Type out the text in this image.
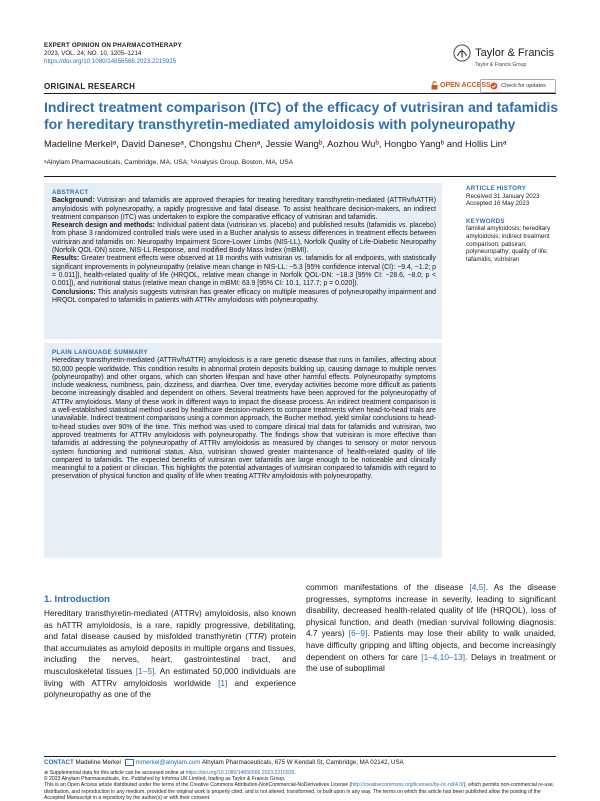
EXPERT OPINION ON PHARMACOTHERAPY
2023, VOL. 24, NO. 10, 1205–1214
https://doi.org/10.1080/14656566.2023.2215925
Taylor & Francis
Taylor & Francis Group
ORIGINAL RESEARCH	OPEN ACCESS Check for updates
Indirect treatment comparison (ITC) of the efficacy of vutrisiran and tafamidis for hereditary transthyretin-mediated amyloidosis with polyneuropathy
Madeline Merkelᵃ, David Daneseᵃ, Chongshu Chenᵃ, Jessie Wangᵇ, Aozhou Wuᵇ, Hongbo Yangᵇ and Hollis Linᵃ
ᵃAlnylam Pharmaceuticals, Cambridge, MA, USA; ᵇAnalysis Group, Boston, MA, USA
ABSTRACT
Background: Vutrisiran and tafamidis are approved therapies for treating hereditary transthyretin-mediated (ATTRv/hATTR) amyloidosis with polyneuropathy, a rapidly progressive and fatal disease. To assist healthcare decision-makers, an indirect treatment comparison (ITC) was undertaken to explore the comparative efficacy of vutrisiran and tafamidis.
Research design and methods: Individual patient data (vutrisiran vs. placebo) and published results (tafamidis vs. placebo) from phase 3 randomized controlled trials were used in a Bucher analysis to assess differences in treatment effects between vutrisiran and tafamidis on: Neuropathy Impairment Score-Lower Limbs (NIS-LL), Norfolk Quality of Life-Diabetic Neuropathy (Norfolk QOL-DN) score, NIS-LL Response, and modified Body Mass Index (mBMI).
Results: Greater treatment effects were observed at 18 months with vutrisiran vs. tafamidis for all endpoints, with statistically significant improvements in polyneuropathy (relative mean change in NIS-LL: −5.3 [95% confidence interval (CI): −9.4, −1.2; p = 0.011]), health-related quality of life (HRQOL, relative mean change in Norfolk QOL-DN: −18.3 [95% CI: −28.6, −8.0; p < 0.001]), and nutritional status (relative mean change in mBMI: 63.9 [95% CI: 10.1, 117.7; p = 0.020]).
Conclusions: This analysis suggests vutrisiran has greater efficacy on multiple measures of polyneuropathy impairment and HRQOL compared to tafamidis in patients with ATTRv amyloidosis with polyneuropathy.
PLAIN LANGUAGE SUMMARY
Hereditary transthyretin-mediated (ATTRv/hATTR) amyloidosis is a rare genetic disease that runs in families, affecting about 50,000 people worldwide. This condition results in abnormal protein deposits building up, causing damage to multiple nerves (polyneuropathy) and other organs, which can shorten lifespan and have other harmful effects. Polyneuropathy symptoms include weakness, numbness, pain, dizziness, and diarrhea. Over time, everyday activities become more difficult as patients become increasingly disabled and dependent on others. Several treatments have been approved for the polyneuropathy of ATTRv amyloidosis. Many of these work in different ways to impact the disease process. An indirect treatment comparison is a well-established statistical method used by healthcare decision-makers to compare treatments when head-to-head trials are unavailable. Indirect treatment comparisons using a common approach, the Bucher method, yield similar conclusions to head-to-head studies over 90% of the time. This method was used to compare clinical trial data for tafamidis and vutrisiran, two approved treatments for ATTRv amyloidosis with polyneuropathy. The findings show that vutrisiran is more effective than tafamidis at addressing the polyneuropathy of ATTRv amyloidosis as measured by changes to sensory or motor nervous system functioning and nutritional status. Also, vutrisiran showed greater maintenance of health-related quality of life compared to tafamidis. The expected benefits of vutrisiran over tafamidis are large enough to be noticeable and clinically meaningful to a patient or clinician. This highlights the potential advantages of vutrisiran compared to tafamidis with regard to preservation of physical function and quality of life when treating ATTRv amyloidosis with polyneuropathy.
ARTICLE HISTORY
Received 31 January 2023
Accepted 16 May 2023
KEYWORDS
familial amyloidosis; hereditary amyloidosis; indirect treatment comparison; patisiran; polyneuropathy; quality of life; tafamidis; vutrisiran
1. Introduction
Hereditary transthyretin-mediated (ATTRv) amyloidosis, also known as hATTR amyloidosis, is a rare, rapidly progressive, debilitating, and fatal disease caused by misfolded transthyretin (TTR) protein that accumulates as amyloid deposits in multiple organs and tissues, including the nerves, heart, gastrointestinal tract, and musculoskeletal tissues [1–5]. An estimated 50,000 individuals are living with ATTRv amyloidosis worldwide [1] and experience polyneuropathy as one of the
common manifestations of the disease [4,5]. As the disease progresses, symptoms increase in severity, leading to significant disability, decreased health-related quality of life (HRQOL), loss of physical function, and death (median survival following diagnosis: 4.7 years) [6–9]. Patients may lose their ability to walk unaided, have difficulty gripping and lifting objects, and become increasingly dependent on others for care [1–4,10–13]. Delays in treatment or the use of suboptimal
CONTACT Madeline Merkel mmerkel@alnylam.com Alnylam Pharmaceuticals, 675 W Kendall St, Cambridge, MA 02142, USA
⊕ Supplemental data for this article can be accessed online at https://doi.org/10.1080/14656566.2023.2215925.
© 2023 Alnylam Pharmaceuticals, Inc. Published by Informa UK Limited, trading as Taylor & Francis Group.
This is an Open Access article distributed under the terms of the Creative Commons Attribution-NonCommercial-NoDerivatives License (http://creativecommons.org/licenses/by-nc-nd/4.0/), which permits non-commercial re-use, distribution, and reproduction in any medium, provided the original work is properly cited, and is not altered, transformed, or built upon in any way. The terms on which this article has been published allow the posting of the Accepted Manuscript in a repository by the author(s) or with their consent.
